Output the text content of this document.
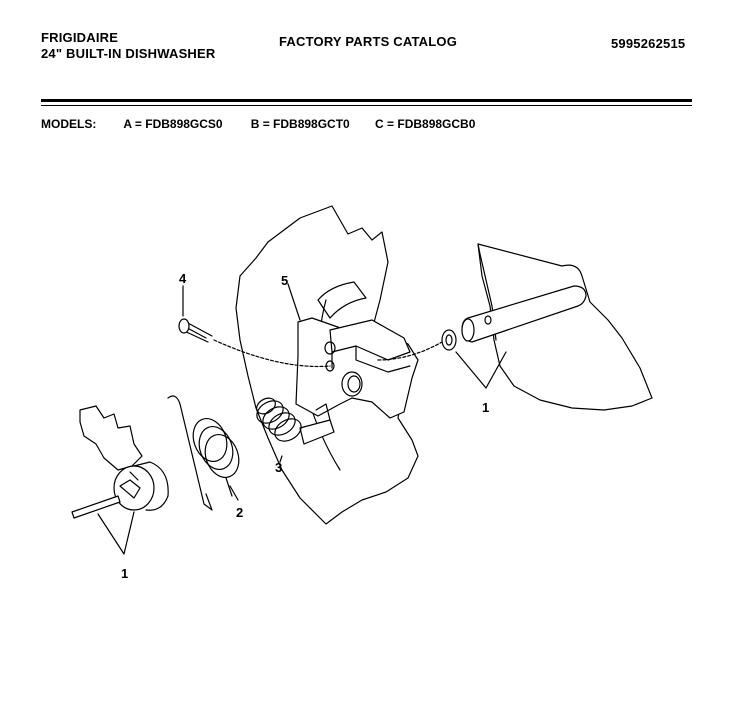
FRIGIDAIRE
24" BUILT-IN DISHWASHER
FACTORY PARTS CATALOG	5995262515
MODELS: A = FDB898GCS0 B = FDB898GCT0 C = FDB898GCB0
4	5
1
3
2
1
